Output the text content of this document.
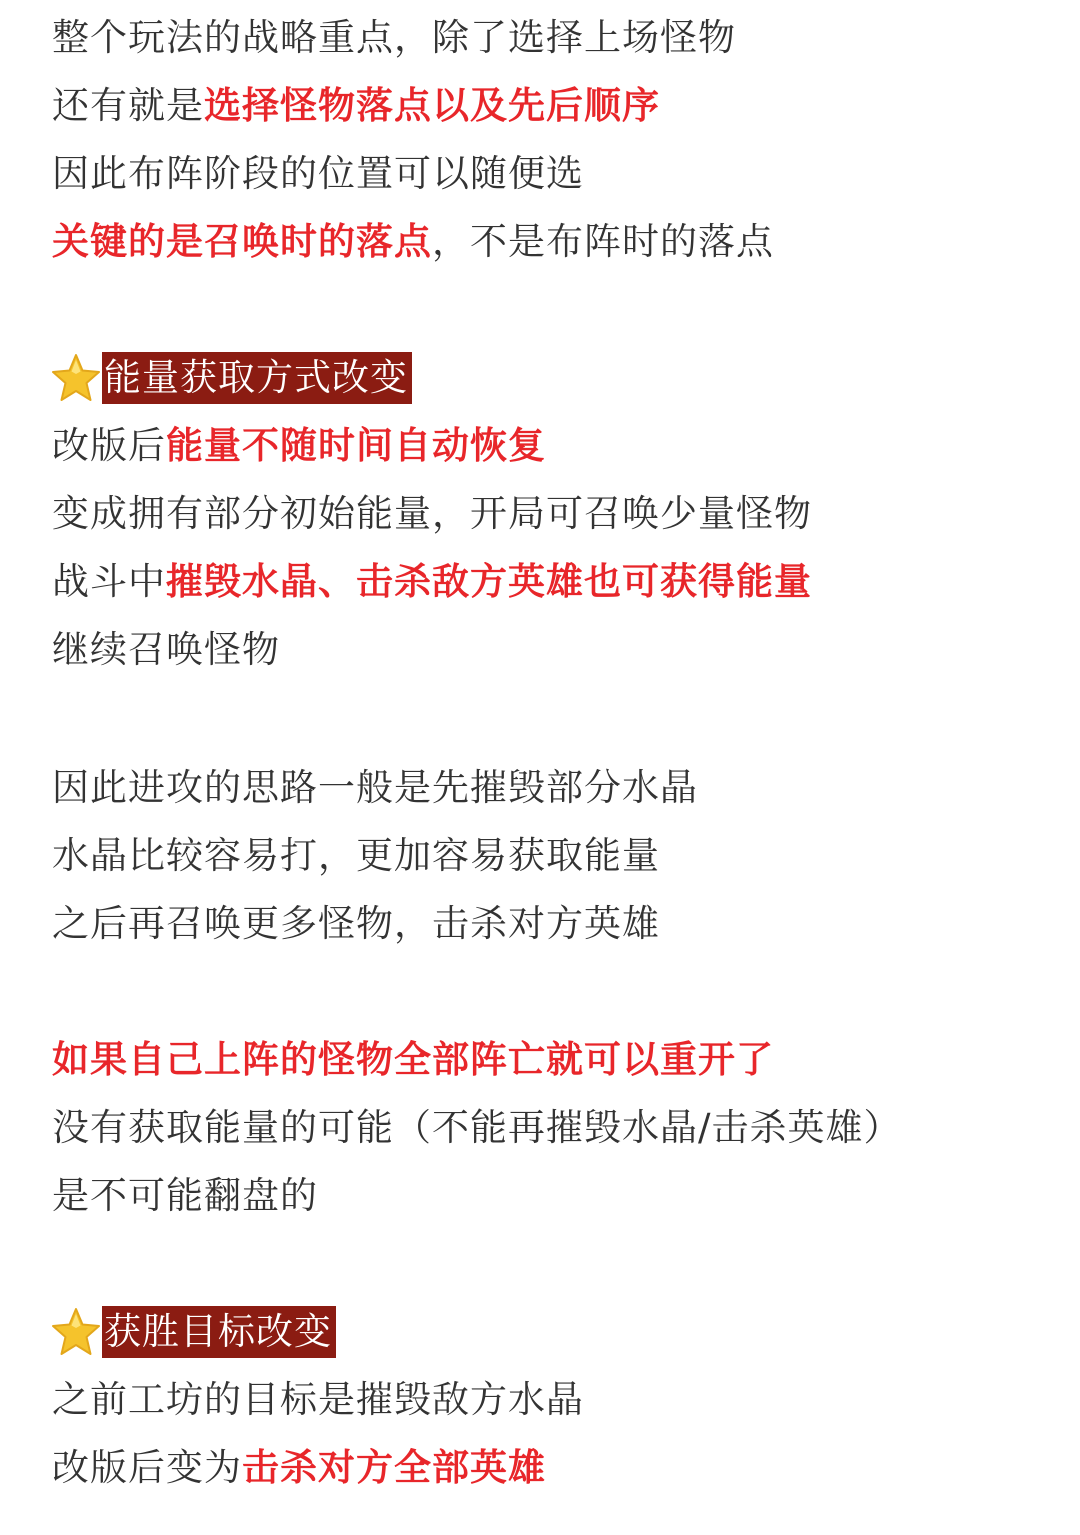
整个玩法的战略重点，除了选择上场怪物
还有就是选择怪物落点以及先后顺序
因此布阵阶段的位置可以随便选
关键的是召唤时的落点，不是布阵时的落点
能量获取方式改变
改版后能量不随时间自动恢复
变成拥有部分初始能量，开局可召唤少量怪物
战斗中摧毁水晶、击杀敌方英雄也可获得能量
继续召唤怪物
因此进攻的思路一般是先摧毁部分水晶
水晶比较容易打，更加容易获取能量
之后再召唤更多怪物，击杀对方英雄
如果自己上阵的怪物全部阵亡就可以重开了
没有获取能量的可能（不能再摧毁水晶/击杀英雄）
是不可能翻盘的
获胜目标改变
之前工坊的目标是摧毁敌方水晶
改版后变为击杀对方全部英雄
